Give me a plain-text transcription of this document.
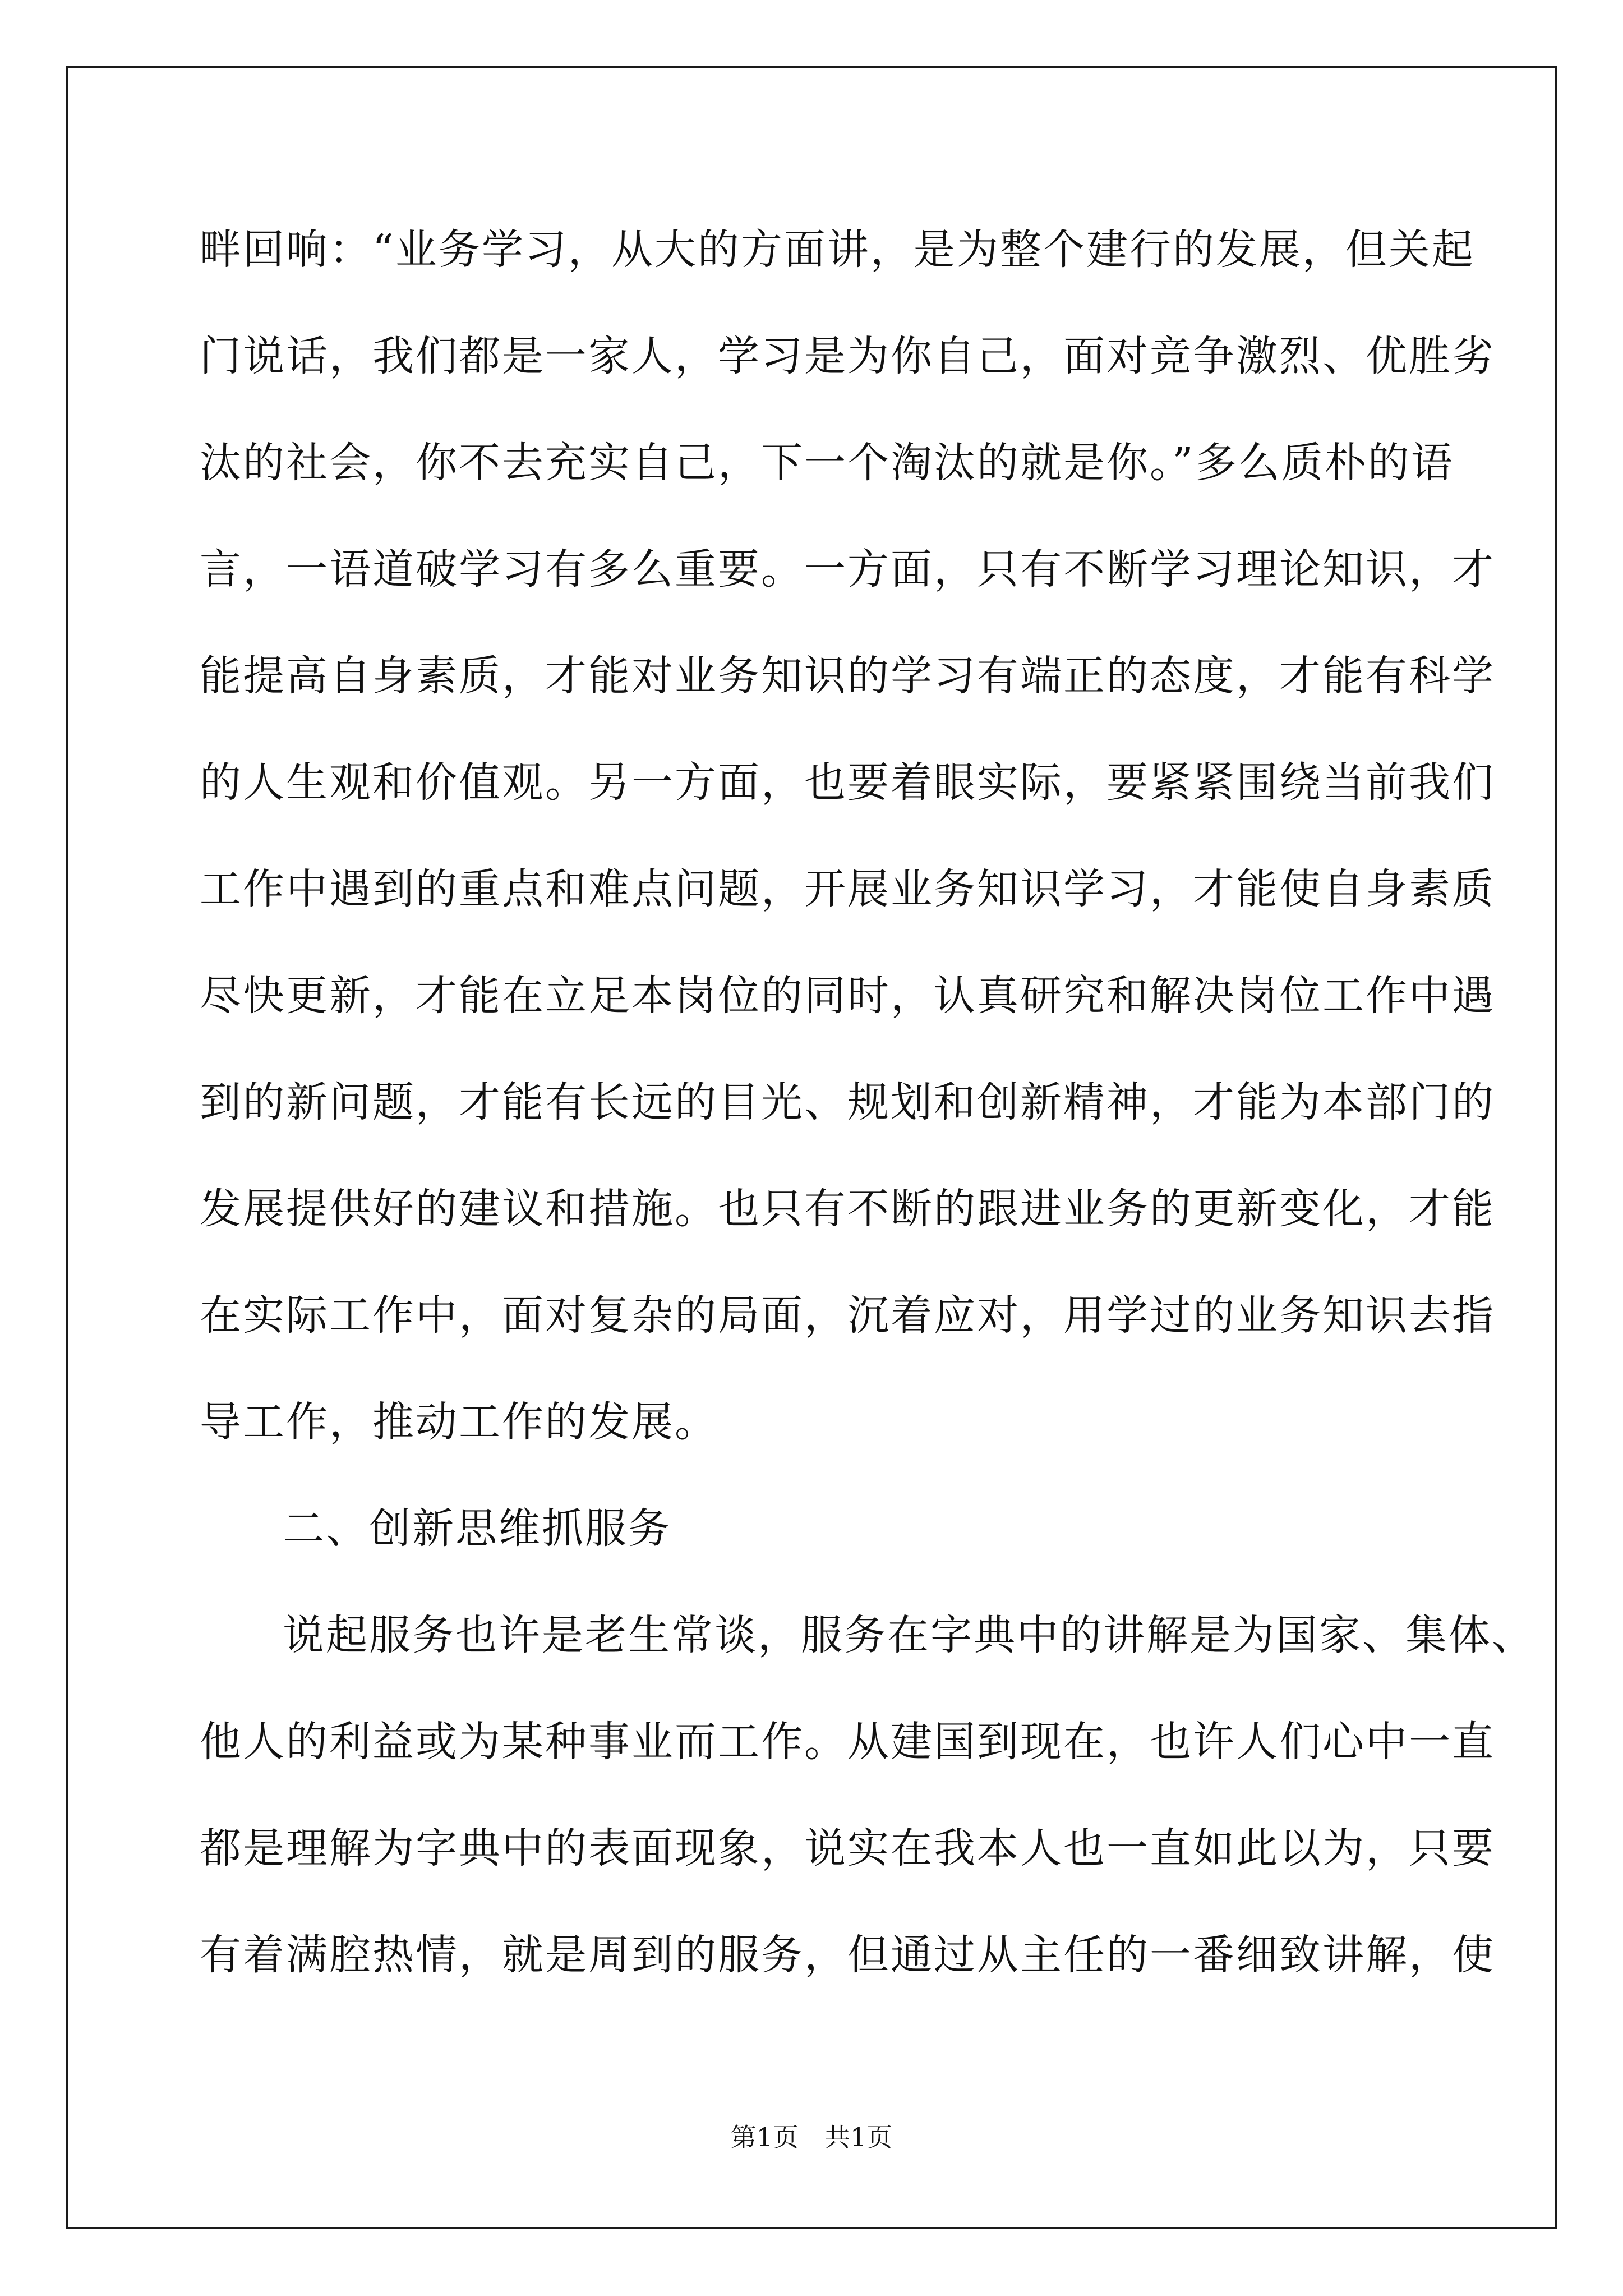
畔回响：“业务学习，从大的方面讲，是为整个建行的发展，但关起
门说话，我们都是一家人，学习是为你自己，面对竞争激烈、优胜劣
汰的社会，你不去充实自己，下一个淘汰的就是你。”多么质朴的语
言，一语道破学习有多么重要。一方面，只有不断学习理论知识，才
能提高自身素质，才能对业务知识的学习有端正的态度，才能有科学
的人生观和价值观。另一方面，也要着眼实际，要紧紧围绕当前我们
工作中遇到的重点和难点问题，开展业务知识学习，才能使自身素质
尽快更新，才能在立足本岗位的同时，认真研究和解决岗位工作中遇
到的新问题，才能有长远的目光、规划和创新精神，才能为本部门的
发展提供好的建议和措施。也只有不断的跟进业务的更新变化，才能
在实际工作中，面对复杂的局面，沉着应对，用学过的业务知识去指
导工作，推动工作的发展。
二、创新思维抓服务
说起服务也许是老生常谈，服务在字典中的讲解是为国家、集体、
他人的利益或为某种事业而工作。从建国到现在，也许人们心中一直
都是理解为字典中的表面现象，说实在我本人也一直如此以为，只要
有着满腔热情，就是周到的服务，但通过从主任的一番细致讲解，使
第1页　共1页
